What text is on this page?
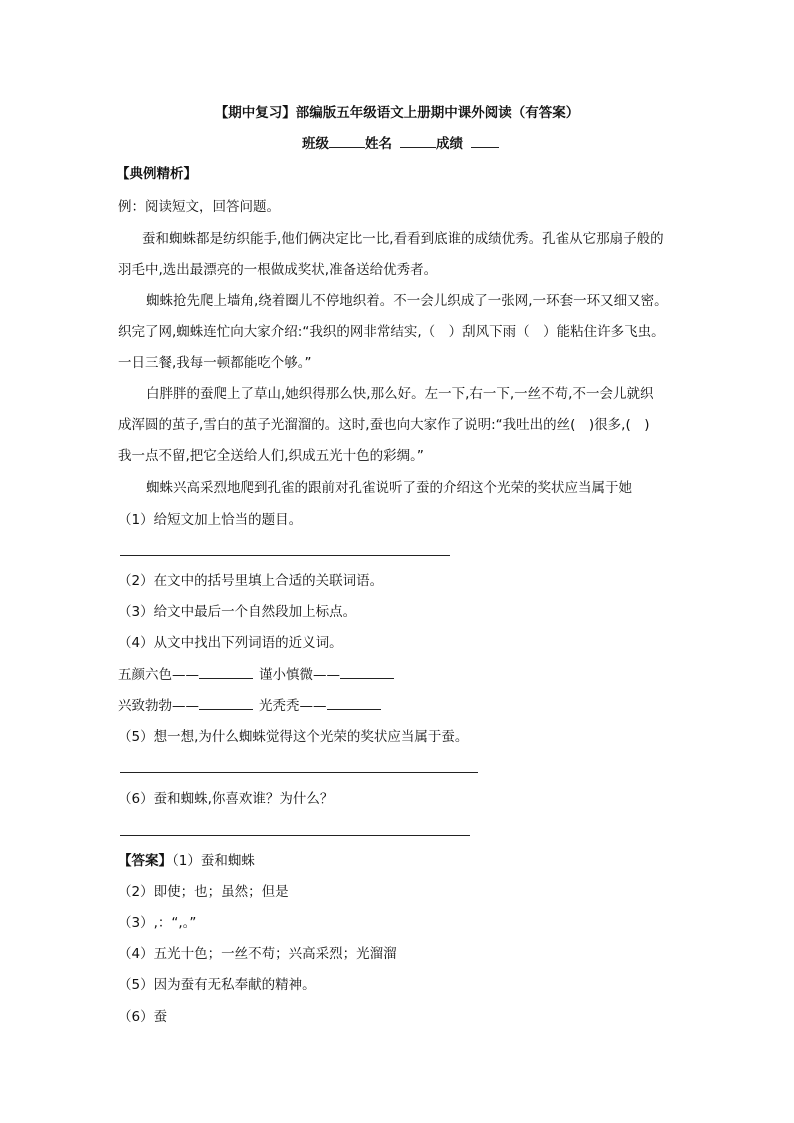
【期中复习】部编版五年级语文上册期中课外阅读（有答案）
班级	姓名	成绩
【典例精析】
例：阅读短文，回答问题。
蚕和蜘蛛都是纺织能手,他们俩决定比一比,看看到底谁的成绩优秀。孔雀从它那扇子般的
羽毛中,选出最漂亮的一根做成奖状,准备送给优秀者。
蜘蛛抢先爬上墙角,绕着圈儿不停地织着。不一会儿织成了一张网,一环套一环又细又密。
织完了网,蜘蛛连忙向大家介绍:“我织的网非常结实,（　）刮风下雨（　）能粘住许多飞虫。
一日三餐,我每一顿都能吃个够。”
白胖胖的蚕爬上了草山,她织得那么快,那么好。左一下,右一下,一丝不苟,不一会儿就织
成浑圆的茧子,雪白的茧子光溜溜的。这时,蚕也向大家作了说明:“我吐出的丝(　)很多,(　)
我一点不留,把它全送给人们,织成五光十色的彩绸。”
蜘蛛兴高采烈地爬到孔雀的跟前对孔雀说听了蚕的介绍这个光荣的奖状应当属于她
（1）给短文加上恰当的题目。
（2）在文中的括号里填上合适的关联词语。
（3）给文中最后一个自然段加上标点。
（4）从文中找出下列词语的近义词。
五颜六色——	谨小慎微——
兴致勃勃——	光秃秃——
（5）想一想,为什么蜘蛛觉得这个光荣的奖状应当属于蚕。
（6）蚕和蜘蛛,你喜欢谁？为什么？
【答案】（1）蚕和蜘蛛
（2）即使；也；虽然；但是
（3）,：“,。”
（4）五光十色；一丝不苟；兴高采烈；光溜溜
（5）因为蚕有无私奉献的精神。
（6）蚕
